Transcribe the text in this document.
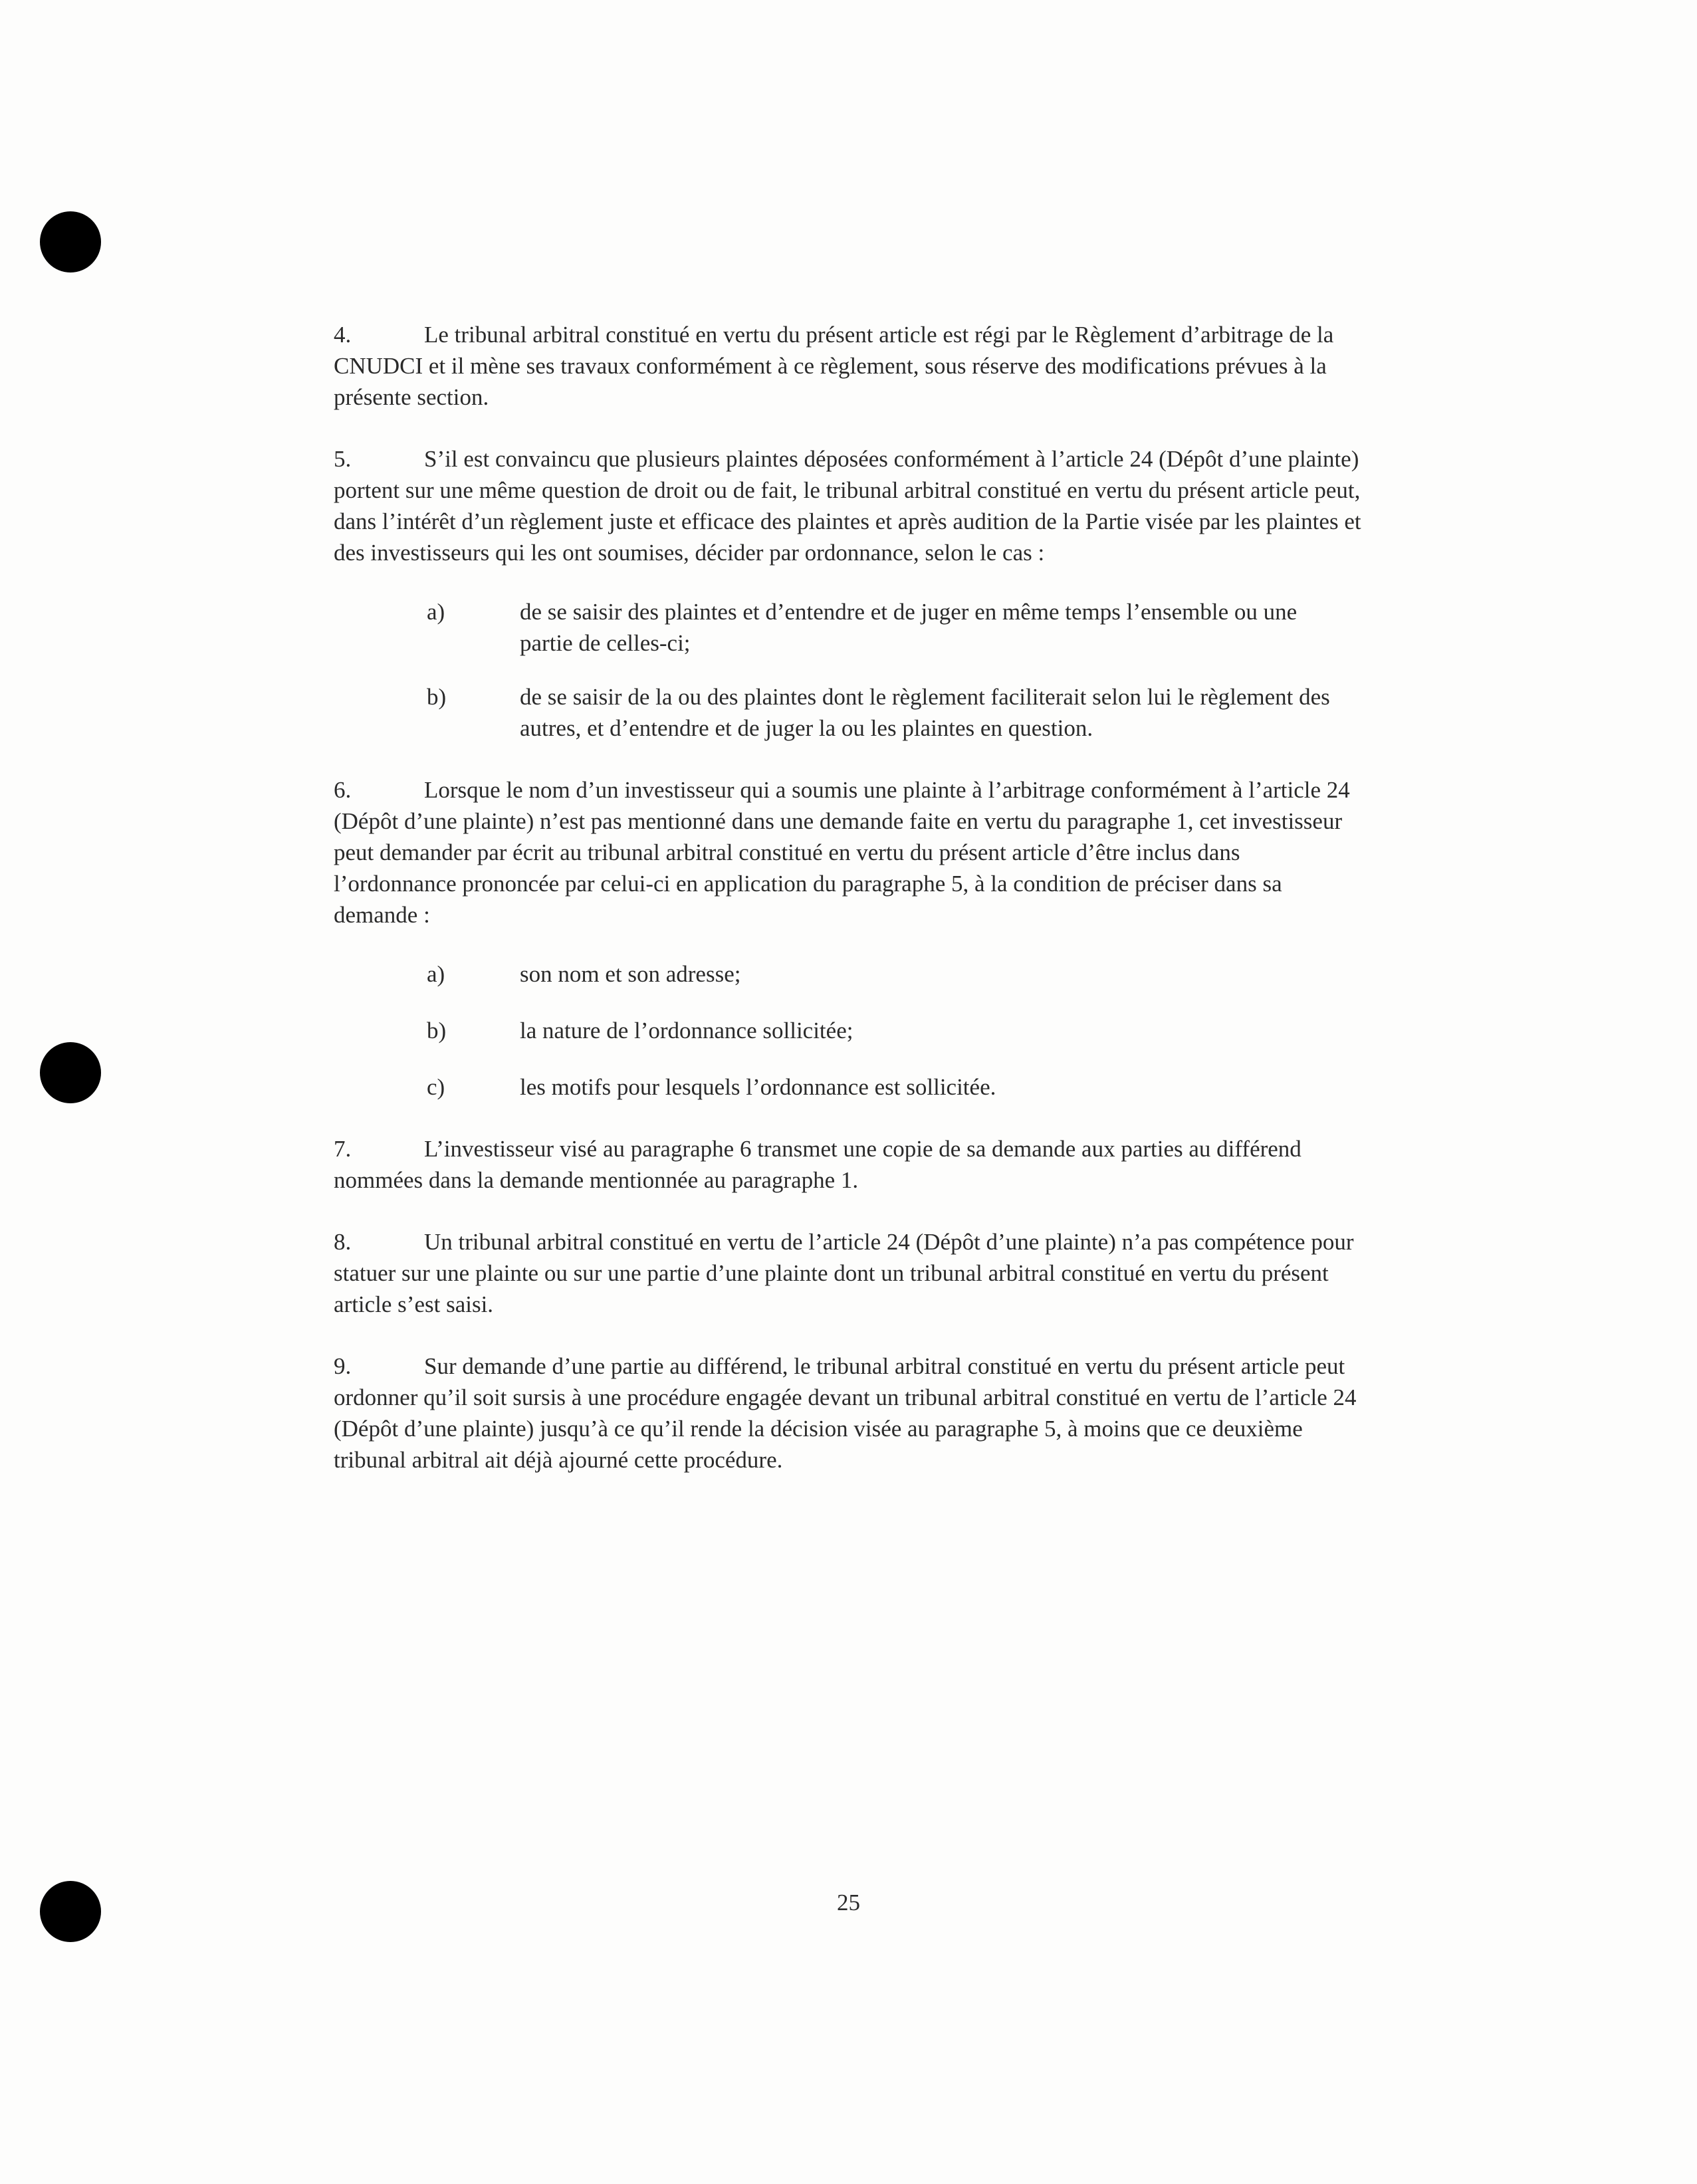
4.	Le tribunal arbitral constitué en vertu du présent article est régi par le Règlement d’arbitrage de la CNUDCI et il mène ses travaux conformément à ce règlement, sous réserve des modifications prévues à la présente section.

5.	S’il est convaincu que plusieurs plaintes déposées conformément à l’article 24 (Dépôt d’une plainte) portent sur une même question de droit ou de fait, le tribunal arbitral constitué en vertu du présent article peut, dans l’intérêt d’un règlement juste et efficace des plaintes et après audition de la Partie visée par les plaintes et des investisseurs qui les ont soumises, décider par ordonnance, selon le cas :

a)	de se saisir des plaintes et d’entendre et de juger en même temps l’ensemble ou une partie de celles-ci;
b)	de se saisir de la ou des plaintes dont le règlement faciliterait selon lui le règlement des autres, et d’entendre et de juger la ou les plaintes en question.

6.	Lorsque le nom d’un investisseur qui a soumis une plainte à l’arbitrage conformément à l’article 24 (Dépôt d’une plainte) n’est pas mentionné dans une demande faite en vertu du paragraphe 1, cet investisseur peut demander par écrit au tribunal arbitral constitué en vertu du présent article d’être inclus dans l’ordonnance prononcée par celui-ci en application du paragraphe 5, à la condition de préciser dans sa demande :

a)	son nom et son adresse;
b)	la nature de l’ordonnance sollicitée;
c)	les motifs pour lesquels l’ordonnance est sollicitée.

7.	L’investisseur visé au paragraphe 6 transmet une copie de sa demande aux parties au différend nommées dans la demande mentionnée au paragraphe 1.

8.	Un tribunal arbitral constitué en vertu de l’article 24 (Dépôt d’une plainte) n’a pas compétence pour statuer sur une plainte ou sur une partie d’une plainte dont un tribunal arbitral constitué en vertu du présent article s’est saisi.

9.	Sur demande d’une partie au différend, le tribunal arbitral constitué en vertu du présent article peut ordonner qu’il soit sursis à une procédure engagée devant un tribunal arbitral constitué en vertu de l’article 24 (Dépôt d’une plainte) jusqu’à ce qu’il rende la décision visée au paragraphe 5, à moins que ce deuxième tribunal arbitral ait déjà ajourné cette procédure.

25
